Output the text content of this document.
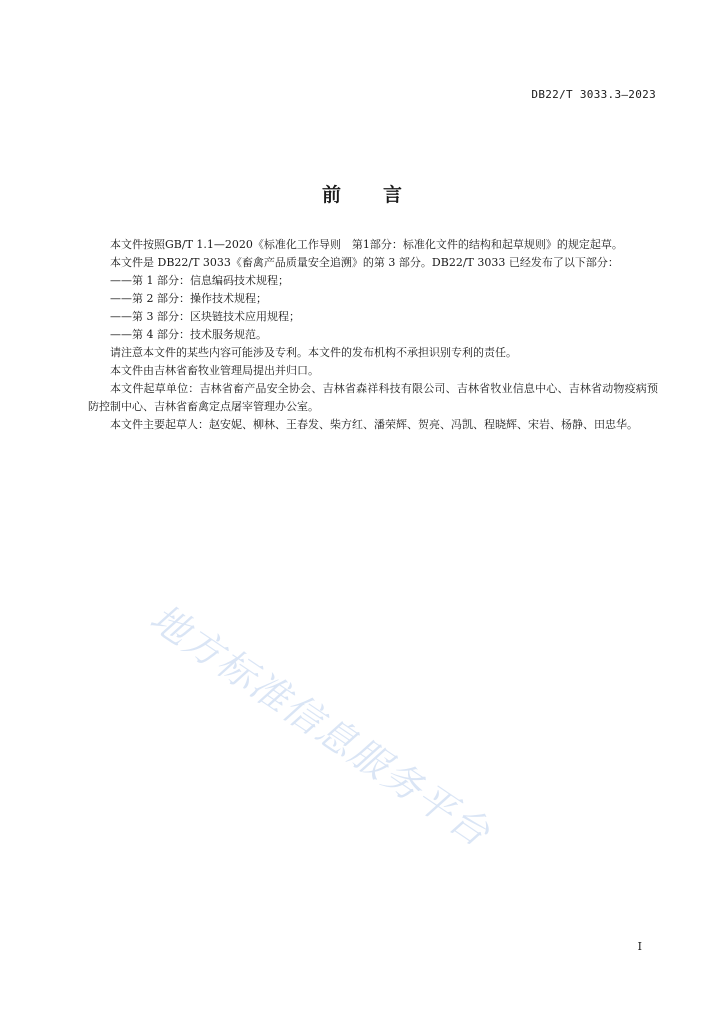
DB22/T 3033.3—2023
前言

本文件按照GB/T 1.1—2020《标准化工作导则　第1部分：标准化文件的结构和起草规则》的规定起草。

本文件是 DB22/T 3033《畜禽产品质量安全追溯》的第 3 部分。DB22/T 3033 已经发布了以下部分：

——第 1 部分：信息编码技术规程；

——第 2 部分：操作技术规程；

——第 3 部分：区块链技术应用规程；

——第 4 部分：技术服务规范。

请注意本文件的某些内容可能涉及专利。本文件的发布机构不承担识别专利的责任。

本文件由吉林省畜牧业管理局提出并归口。

本文件起草单位：吉林省畜产品安全协会、吉林省森祥科技有限公司、吉林省牧业信息中心、吉林省动物疫病预防控制中心、吉林省畜禽定点屠宰管理办公室。

本文件主要起草人：赵安妮、柳林、王春发、柴方红、潘荣辉、贺亮、冯凯、程晓辉、宋岩、杨静、田忠华。

地方标准信息服务平台
I
